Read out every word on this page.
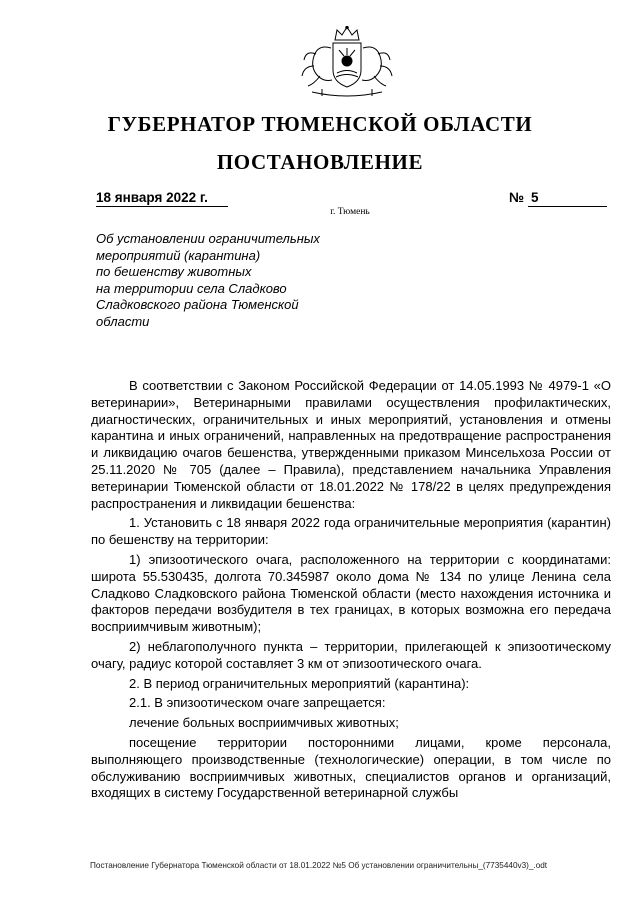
ГУБЕРНАТОР ТЮМЕНСКОЙ ОБЛАСТИ
ПОСТАНОВЛЕНИЕ
18 января 2022 г.	№ 5
г. Тюмень
Об установлении ограничительных
мероприятий (карантина)
по бешенству животных
на территории села Сладково
Сладковского района Тюменской
области

В соответствии с Законом Российской Федерации от 14.05.1993 № 4979-1 «О ветеринарии», Ветеринарными правилами осуществления профилактических, диагностических, ограничительных и иных мероприятий, установления и отмены карантина и иных ограничений, направленных на предотвращение распространения и ликвидацию очагов бешенства, утвержденными приказом Минсельхоза России от 25.11.2020 № 705 (далее – Правила), представлением начальника Управления ветеринарии Тюменской области от 18.01.2022 № 178/22 в целях предупреждения распространения и ликвидации бешенства:

1. Установить с 18 января 2022 года ограничительные мероприятия (карантин) по бешенству на территории:

1) эпизоотического очага, расположенного на территории с координатами: широта 55.530435, долгота 70.345987 около дома № 134 по улице Ленина села Сладково Сладковского района Тюменской области (место нахождения источника и факторов передачи возбудителя в тех границах, в которых возможна его передача восприимчивым животным);

2) неблагополучного пункта – территории, прилегающей к эпизоотическому очагу, радиус которой составляет 3 км от эпизоотического очага.

2. В период ограничительных мероприятий (карантина):

2.1. В эпизоотическом очаге запрещается:

лечение больных восприимчивых животных;

посещение территории посторонними лицами, кроме персонала, выполняющего производственные (технологические) операции, в том числе по обслуживанию восприимчивых животных, специалистов органов и организаций, входящих в систему Государственной ветеринарной службы

Постановление Губернатора Тюменской области от 18.01.2022 №5 Об установлении ограничительны_(7735440v3)_.odt
